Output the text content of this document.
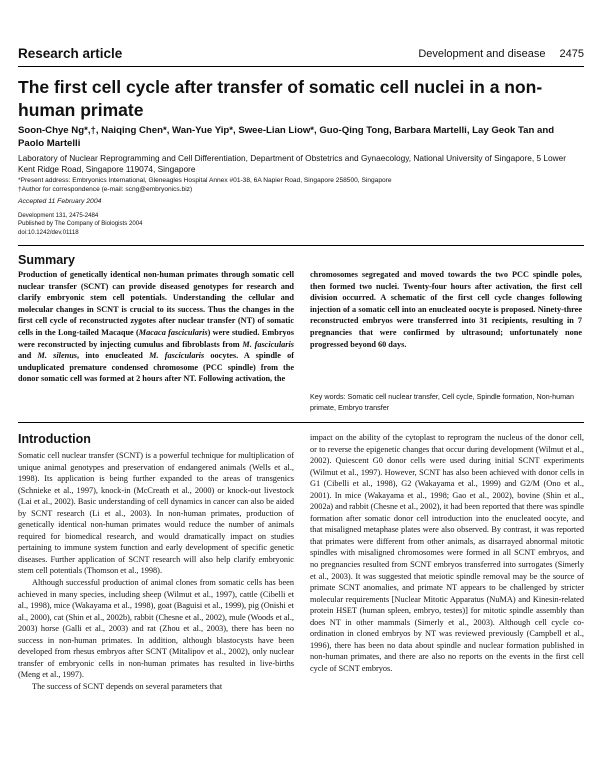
Research article	Development and disease 2475
The first cell cycle after transfer of somatic cell nuclei in a non-human primate
Soon-Chye Ng*,†, Naiqing Chen*, Wan-Yue Yip*, Swee-Lian Liow*, Guo-Qing Tong, Barbara Martelli, Lay Geok Tan and Paolo Martelli
Laboratory of Nuclear Reprogramming and Cell Differentiation, Department of Obstetrics and Gynaecology, National University of Singapore, 5 Lower Kent Ridge Road, Singapore 119074, Singapore
*Present address: Embryonics International, Gleneagles Hospital Annex #01-38, 6A Napier Road, Singapore 258500, Singapore
†Author for correspondence (e-mail: scng@embryonics.biz)
Accepted 11 February 2004
Development 131, 2475-2484
Published by The Company of Biologists 2004
doi:10.1242/dev.01118
Summary

Production of genetically identical non-human primates through somatic cell nuclear transfer (SCNT) can provide diseased genotypes for research and clarify embryonic stem cell potentials. Understanding the cellular and molecular changes in SCNT is crucial to its success. Thus the changes in the first cell cycle of reconstructed zygotes after nuclear transfer (NT) of somatic cells in the Long-tailed Macaque (Macaca fascicularis) were studied. Embryos were reconstructed by injecting cumulus and fibroblasts from M. fascicularis and M. silenus, into enucleated M. fascicularis oocytes. A spindle of unduplicated premature condensed chromosome (PCC spindle) from the donor somatic cell was formed at 2 hours after NT. Following activation, the

chromosomes segregated and moved towards the two PCC spindle poles, then formed two nuclei. Twenty-four hours after activation, the first cell division occurred. A schematic of the first cell cycle changes following injection of a somatic cell into an enucleated oocyte is proposed. Ninety-three reconstructed embryos were transferred into 31 recipients, resulting in 7 pregnancies that were confirmed by ultrasound; unfortunately none progressed beyond 60 days.

Key words: Somatic cell nuclear transfer, Cell cycle, Spindle formation, Non-human primate, Embryo transfer
Introduction

Somatic cell nuclear transfer (SCNT) is a powerful technique for multiplication of unique animal genotypes and preservation of endangered animals (Wells et al., 1998). Its application is being further expanded to the areas of transgenics (Schnieke et al., 1997), knock-in (McCreath et al., 2000) or knock-out livestock (Lai et al., 2002). Basic understanding of cell dynamics in cancer can also be aided by SCNT research (Li et al., 2003). In non-human primates, production of genetically identical non-human primates would reduce the number of animals required for biomedical research, and would dramatically impact on studies pertaining to immune system function and early development of specific genetic diseases. Further application of SCNT research will also help clarify embryonic stem cell potentials (Thomson et al., 1998).

Although successful production of animal clones from somatic cells has been achieved in many species, including sheep (Wilmut et al., 1997), cattle (Cibelli et al., 1998), mice (Wakayama et al., 1998), goat (Baguisi et al., 1999), pig (Onishi et al., 2000), cat (Shin et al., 2002b), rabbit (Chesne et al., 2002), mule (Woods et al., 2003) horse (Galli et al., 2003) and rat (Zhou et al., 2003), there has been no success in non-human primates. In addition, although blastocysts have been developed from rhesus embryos after SCNT (Mitalipov et al., 2002), only nuclear transfer of embryonic cells in non-human primates has resulted in live-births (Meng et al., 1997).

The success of SCNT depends on several parameters that

impact on the ability of the cytoplast to reprogram the nucleus of the donor cell, or to reverse the epigenetic changes that occur during development (Wilmut et al., 2002). Quiescent G0 donor cells were used during initial SCNT experiments (Wilmut et al., 1997). However, SCNT has also been achieved with donor cells in G1 (Cibelli et al., 1998), G2 (Wakayama et al., 1999) and G2/M (Ono et al., 2001). In mice (Wakayama et al., 1998; Gao et al., 2002), bovine (Shin et al., 2002a) and rabbit (Chesne et al., 2002), it had been reported that there was spindle formation after somatic donor cell introduction into the enucleated oocyte, and that misaligned metaphase plates were also observed. By contrast, it was reported that primates were different from other animals, as disarrayed abnormal mitotic spindles with misaligned chromosomes were formed in all SCNT embryos, and no pregnancies resulted from SCNT embryos transferred into surrogates (Simerly et al., 2003). It was suggested that meiotic spindle removal may be the source of primate SCNT anomalies, and primate NT appears to be challenged by stricter molecular requirements [Nuclear Mitotic Apparatus (NuMA) and Kinesin-related protein HSET (human spleen, embryo, testes)] for mitotic spindle assembly than does NT in other mammals (Simerly et al., 2003). Although cell cycle co-ordination in cloned embryos by NT was reviewed previously (Campbell et al., 1996), there has been no data about spindle and nuclear formation published in non-human primates, and there are also no reports on the events in the first cell cycle of SCNT embryos.
